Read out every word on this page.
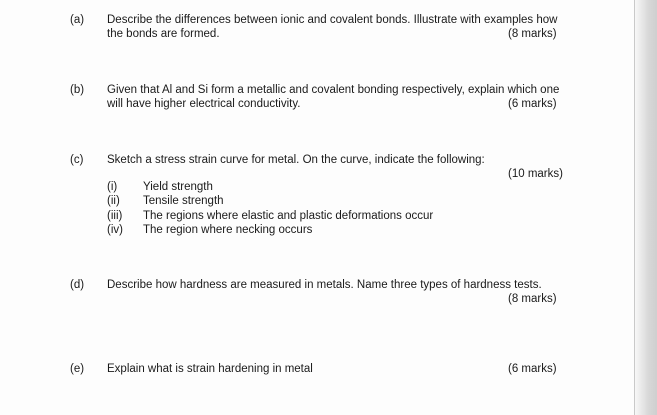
(a) Describe the differences between ionic and covalent bonds. Illustrate with examples how
the bonds are formed.	(8 marks)
(b) Given that Al and Si form a metallic and covalent bonding respectively, explain which one
will have higher electrical conductivity.	(6 marks)
(c) Sketch a stress strain curve for metal. On the curve, indicate the following:
(10 marks)
(i) Yield strength
(ii) Tensile strength
(iii) The regions where elastic and plastic deformations occur
(iv) The region where necking occurs
(d) Describe how hardness are measured in metals. Name three types of hardness tests.
(8 marks)
(e) Explain what is strain hardening in metal	(6 marks)
